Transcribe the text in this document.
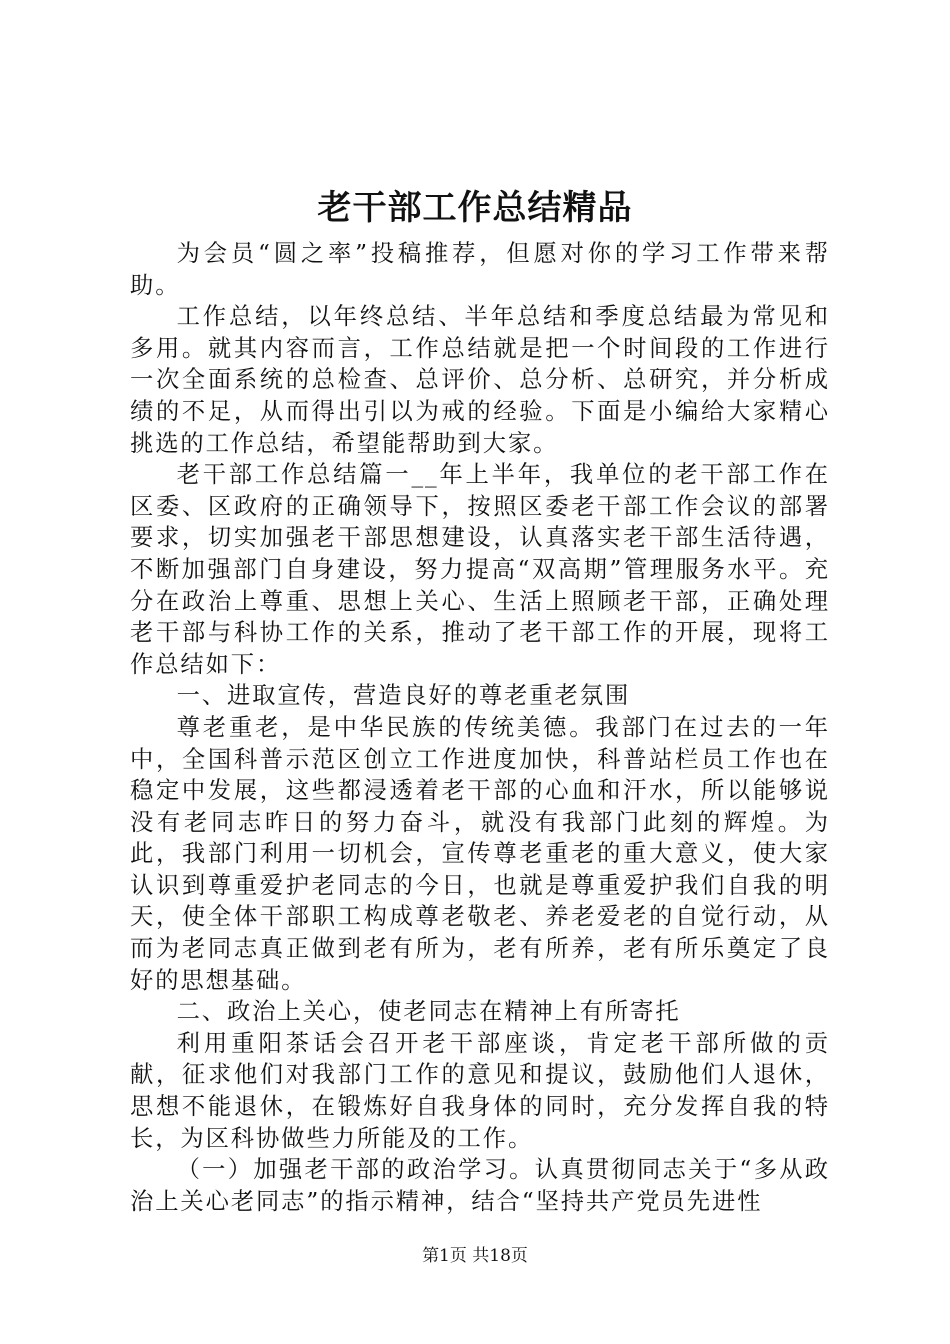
老干部工作总结精品

为会员“圆之率”投稿推荐，但愿对你的学习工作带来帮助。

工作总结，以年终总结、半年总结和季度总结最为常见和多用。就其内容而言，工作总结就是把一个时间段的工作进行一次全面系统的总检查、总评价、总分析、总研究，并分析成绩的不足，从而得出引以为戒的经验。下面是小编给大家精心挑选的工作总结，希望能帮助到大家。

老干部工作总结篇一__年上半年，我单位的老干部工作在区委、区政府的正确领导下，按照区委老干部工作会议的部署要求，切实加强老干部思想建设，认真落实老干部生活待遇，不断加强部门自身建设，努力提高“双高期”管理服务水平。充分在政治上尊重、思想上关心、生活上照顾老干部，正确处理老干部与科协工作的关系，推动了老干部工作的开展，现将工作总结如下：

一、进取宣传，营造良好的尊老重老氛围

尊老重老，是中华民族的传统美德。我部门在过去的一年中，全国科普示范区创立工作进度加快，科普站栏员工作也在稳定中发展，这些都浸透着老干部的心血和汗水，所以能够说没有老同志昨日的努力奋斗，就没有我部门此刻的辉煌。为此，我部门利用一切机会，宣传尊老重老的重大意义，使大家认识到尊重爱护老同志的今日，也就是尊重爱护我们自我的明天，使全体干部职工构成尊老敬老、养老爱老的自觉行动，从而为老同志真正做到老有所为，老有所养，老有所乐奠定了良好的思想基础。

二、政治上关心，使老同志在精神上有所寄托

利用重阳茶话会召开老干部座谈，肯定老干部所做的贡献，征求他们对我部门工作的意见和提议，鼓励他们人退休，思想不能退休，在锻炼好自我身体的同时，充分发挥自我的特长，为区科协做些力所能及的工作。

（一）加强老干部的政治学习。认真贯彻同志关于“多从政治上关心老同志”的指示精神，结合“坚持共产党员先进性

第1页 共18页
